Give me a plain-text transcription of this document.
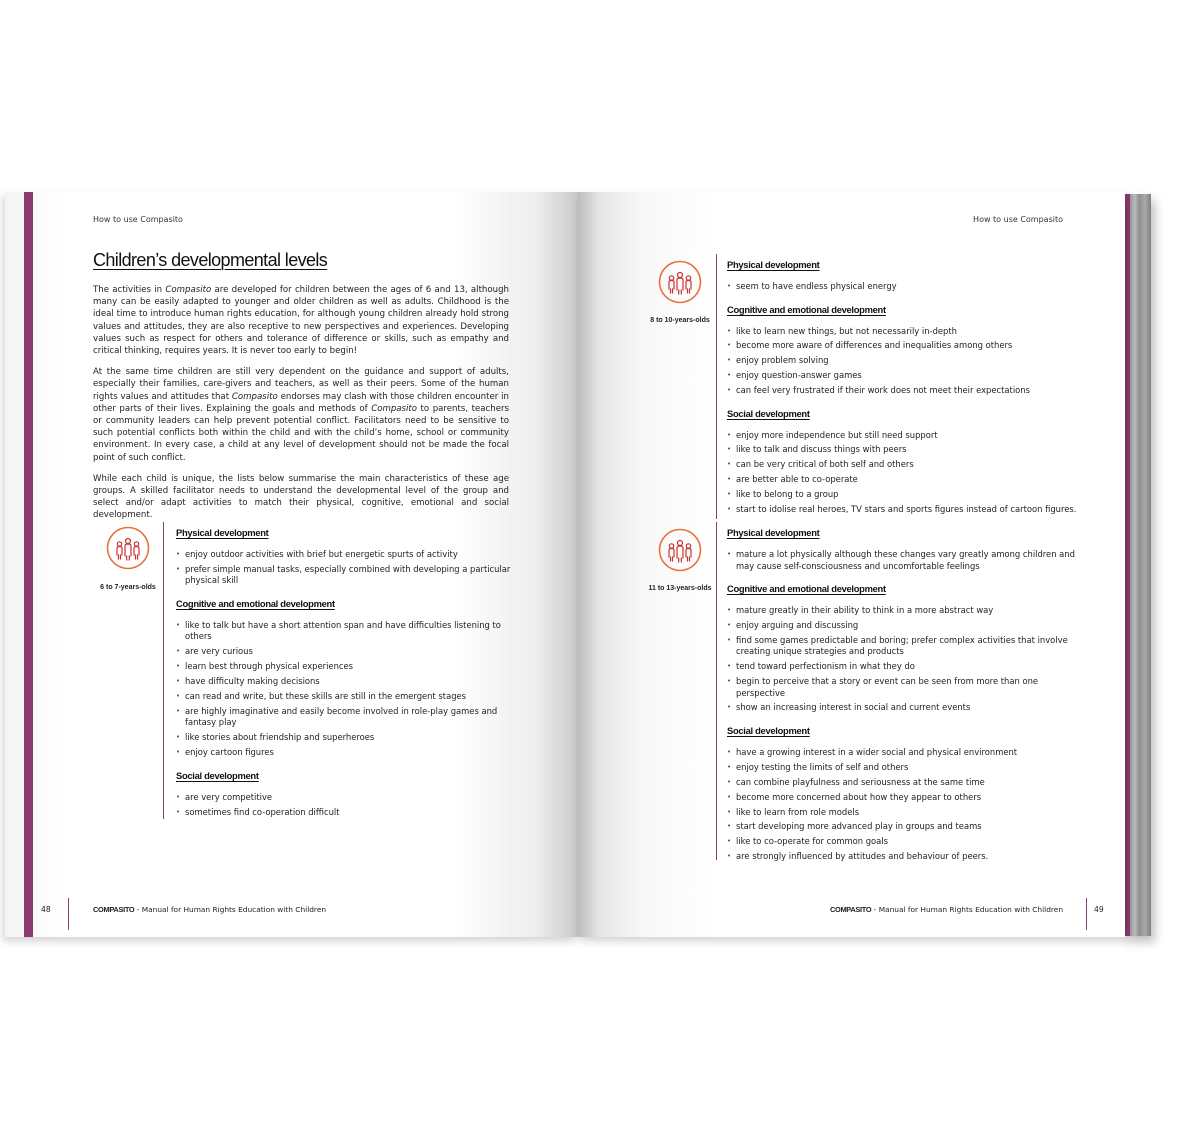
How to use Compasito
Children’s developmental levels

The activities in Compasito are developed for children between the ages of 6 and 13, although many can be easily adapted to younger and older children as well as adults. Childhood is the ideal time to introduce human rights education, for although young children already hold strong values and attitudes, they are also receptive to new perspectives and experiences. Developing values such as respect for others and tolerance of difference or skills, such as empathy and critical thinking, requires years. It is never too early to begin!

At the same time children are still very dependent on the guidance and support of adults, especially their families, care-givers and teachers, as well as their peers. Some of the human rights values and attitudes that Compasito endorses may clash with those children encounter in other parts of their lives. Explaining the goals and methods of Compasito to parents, teachers or community leaders can help prevent potential conflict. Facilitators need to be sensitive to such potential conflicts both within the child and with the child’s home, school or community environment. In every case, a child at any level of development should not be made the focal point of such conflict.

While each child is unique, the lists below summarise the main characteristics of these age groups. A skilled facilitator needs to understand the developmental level of the group and select and/or adapt activities to match their physical, cognitive, emotional and social development.

6 to 7-years-olds
Physical development
• enjoy outdoor activities with brief but energetic spurts of activity
• prefer simple manual tasks, especially combined with developing a particular physical skill
Cognitive and emotional development
• like to talk but have a short attention span and have difficulties listening to others
• are very curious
• learn best through physical experiences
• have difficulty making decisions
• can read and write, but these skills are still in the emergent stages
• are highly imaginative and easily become involved in role-play games and fantasy play
• like stories about friendship and superheroes
• enjoy cartoon figures
Social development
• are very competitive
• sometimes find co-operation difficult
48	COMPASITO - Manual for Human Rights Education with Children
How to use Compasito
8 to 10-years-olds
Physical development
• seem to have endless physical energy
Cognitive and emotional development
• like to learn new things, but not necessarily in-depth
• become more aware of differences and inequalities among others
• enjoy problem solving
• enjoy question-answer games
• can feel very frustrated if their work does not meet their expectations
Social development
• enjoy more independence but still need support
• like to talk and discuss things with peers
• can be very critical of both self and others
• are better able to co-operate
• like to belong to a group
• start to idolise real heroes, TV stars and sports figures instead of cartoon figures.
11 to 13-years-olds
Physical development
• mature a lot physically although these changes vary greatly among children and may cause self-consciousness and uncomfortable feelings
Cognitive and emotional development
• mature greatly in their ability to think in a more abstract way
• enjoy arguing and discussing
• find some games predictable and boring; prefer complex activities that involve creating unique strategies and products
• tend toward perfectionism in what they do
• begin to perceive that a story or event can be seen from more than one perspective
• show an increasing interest in social and current events
Social development
• have a growing interest in a wider social and physical environment
• enjoy testing the limits of self and others
• can combine playfulness and seriousness at the same time
• become more concerned about how they appear to others
• like to learn from role models
• start developing more advanced play in groups and teams
• like to co-operate for common goals
• are strongly influenced by attitudes and behaviour of peers.
COMPASITO - Manual for Human Rights Education with Children	49
